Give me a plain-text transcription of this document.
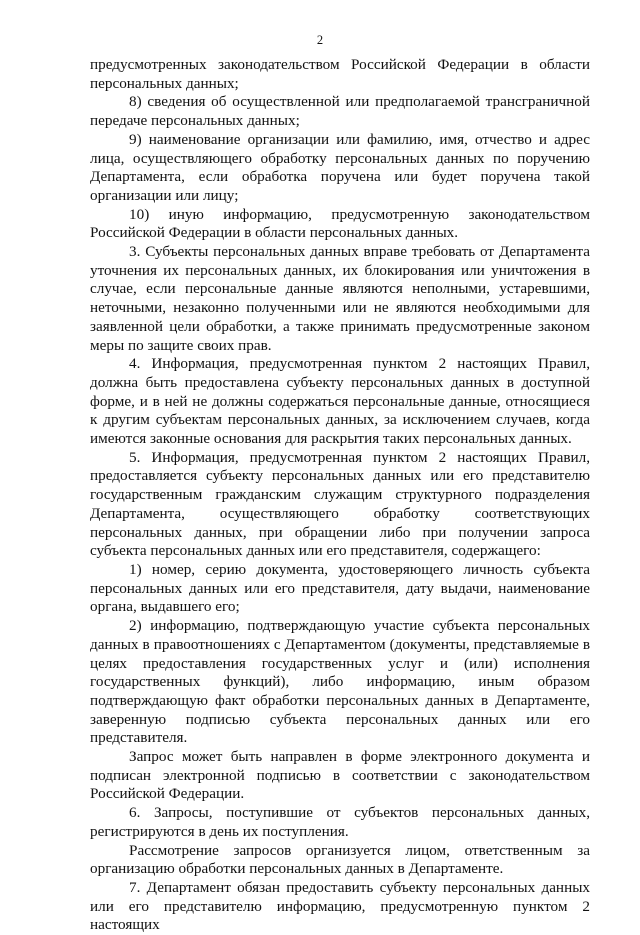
2

предусмотренных законодательством Российской Федерации в области персональных данных;

8) сведения об осуществленной или предполагаемой трансграничной передаче персональных данных;

9) наименование организации или фамилию, имя, отчество и адрес лица, осуществляющего обработку персональных данных по поручению Департамента, если обработка поручена или будет поручена такой организации или лицу;

10) иную информацию, предусмотренную законодательством Российской Федерации в области персональных данных.

3. Субъекты персональных данных вправе требовать от Департамента уточнения их персональных данных, их блокирования или уничтожения в случае, если персональные данные являются неполными, устаревшими, неточными, незаконно полученными или не являются необходимыми для заявленной цели обработки, а также принимать предусмотренные законом меры по защите своих прав.

4. Информация, предусмотренная пунктом 2 настоящих Правил, должна быть предоставлена субъекту персональных данных в доступной форме, и в ней не должны содержаться персональные данные, относящиеся к другим субъектам персональных данных, за исключением случаев, когда имеются законные основания для раскрытия таких персональных данных.

5. Информация, предусмотренная пунктом 2 настоящих Правил, предоставляется субъекту персональных данных или его представителю государственным гражданским служащим структурного подразделения Департамента, осуществляющего обработку соответствующих персональных данных, при обращении либо при получении запроса субъекта персональных данных или его представителя, содержащего:

1) номер, серию документа, удостоверяющего личность субъекта персональных данных или его представителя, дату выдачи, наименование органа, выдавшего его;

2) информацию, подтверждающую участие субъекта персональных данных в правоотношениях с Департаментом (документы, представляемые в целях предоставления государственных услуг и (или) исполнения государственных функций), либо информацию, иным образом подтверждающую факт обработки персональных данных в Департаменте, заверенную подписью субъекта персональных данных или его представителя.

Запрос может быть направлен в форме электронного документа и подписан электронной подписью в соответствии с законодательством Российской Федерации.

6. Запросы, поступившие от субъектов персональных данных, регистрируются в день их поступления.

Рассмотрение запросов организуется лицом, ответственным за организацию обработки персональных данных в Департаменте.

7. Департамент обязан предоставить субъекту персональных данных или его представителю информацию, предусмотренную пунктом 2 настоящих
